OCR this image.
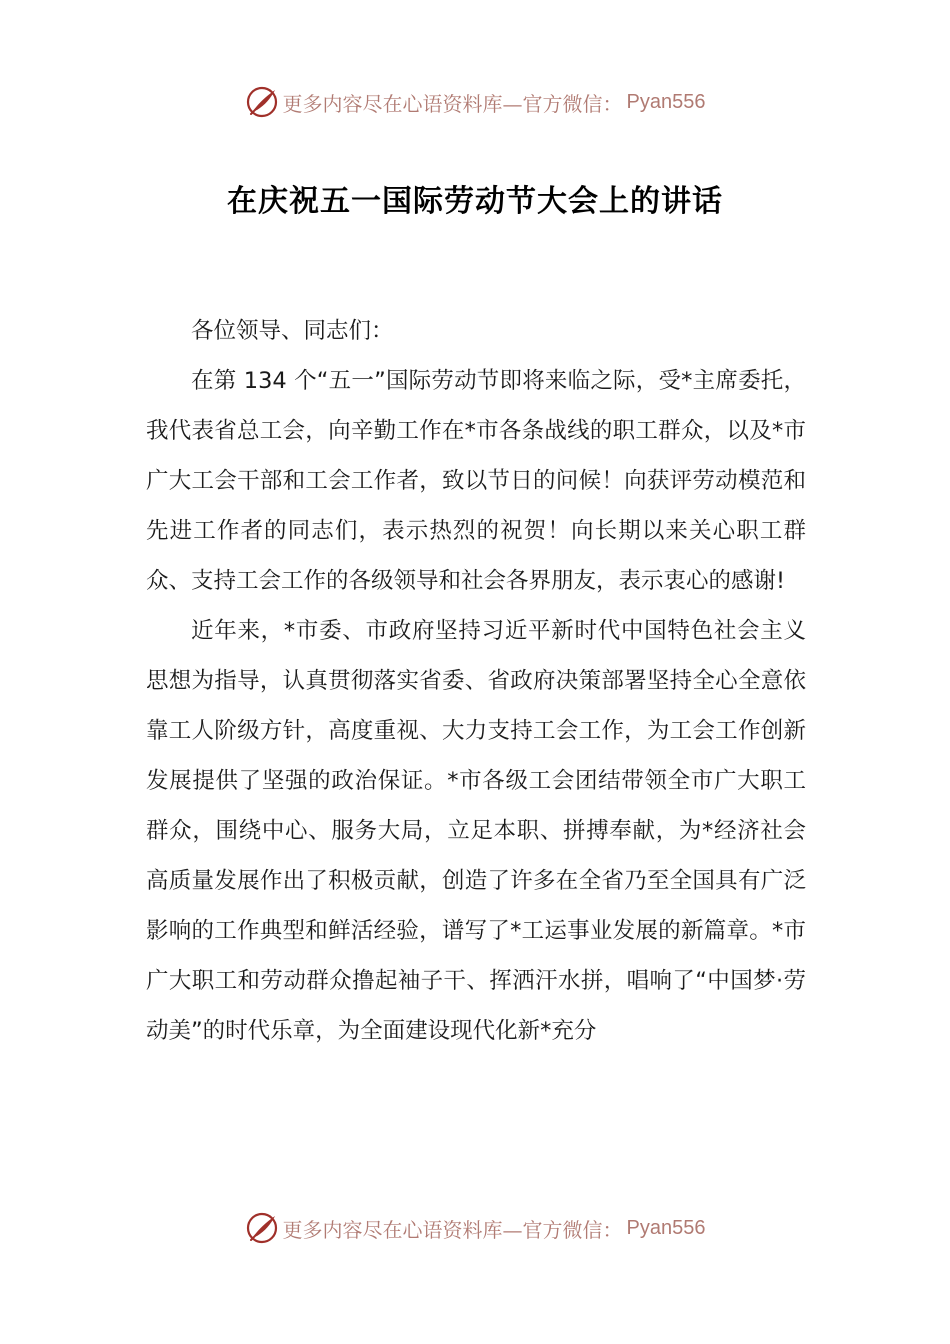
更多内容尽在心语资料库—官方微信： Pyan556
在庆祝五一国际劳动节大会上的讲话

各位领导、同志们：

在第 134 个“五一”国际劳动节即将来临之际，受*主席委托，我代表省总工会，向辛勤工作在*市各条战线的职工群众，以及*市广大工会干部和工会工作者，致以节日的问候！向获评劳动模范和先进工作者的同志们，表示热烈的祝贺！向长期以来关心职工群众、支持工会工作的各级领导和社会各界朋友，表示衷心的感谢!

近年来，*市委、市政府坚持习近平新时代中国特色社会主义思想为指导，认真贯彻落实省委、省政府决策部署坚持全心全意依靠工人阶级方针，高度重视、大力支持工会工作，为工会工作创新发展提供了坚强的政治保证。*市各级工会团结带领全市广大职工群众，围绕中心、服务大局，立足本职、拼搏奉献，为*经济社会高质量发展作出了积极贡献，创造了许多在全省乃至全国具有广泛影响的工作典型和鲜活经验，谱写了*工运事业发展的新篇章。*市广大职工和劳动群众撸起袖子干、挥洒汗水拼，唱响了“中国梦·劳动美”的时代乐章，为全面建设现代化新*充分

更多内容尽在心语资料库—官方微信： Pyan556
